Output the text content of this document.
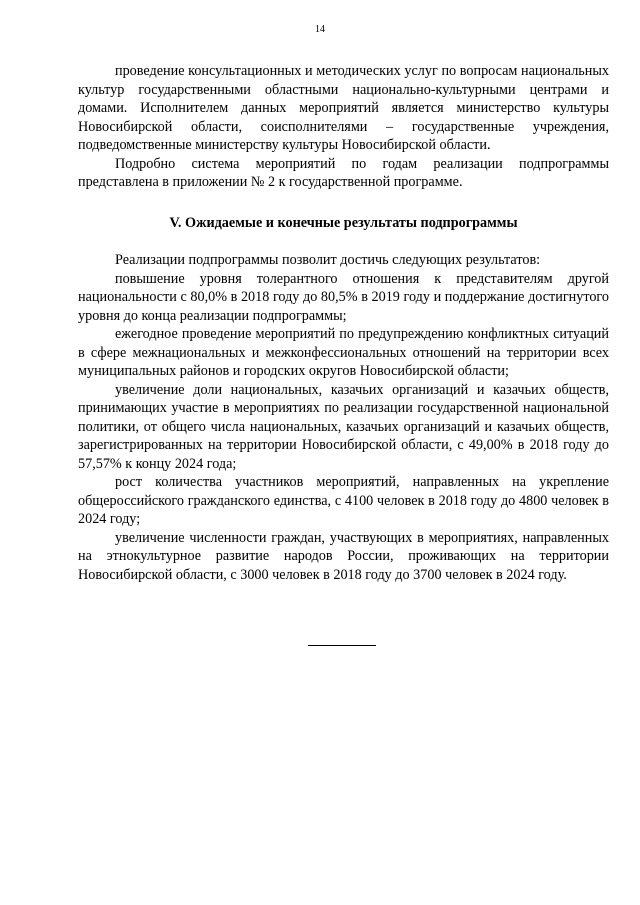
14

проведение консультационных и методических услуг по вопросам национальных культур государственными областными национально-культурными центрами и домами. Исполнителем данных мероприятий является министерство культуры Новосибирской области, соисполнителями – государственные учреждения, подведомственные министерству культуры Новосибирской области.

Подробно система мероприятий по годам реализации подпрограммы представлена в приложении № 2 к государственной программе.

V. Ожидаемые и конечные результаты подпрограммы

Реализации подпрограммы позволит достичь следующих результатов:

повышение уровня толерантного отношения к представителям другой национальности с 80,0% в 2018 году до 80,5% в 2019 году и поддержание достигнутого уровня до конца реализации подпрограммы;

ежегодное проведение мероприятий по предупреждению конфликтных ситуаций в сфере межнациональных и межконфессиональных отношений на территории всех муниципальных районов и городских округов Новосибирской области;

увеличение доли национальных, казачьих организаций и казачьих обществ, принимающих участие в мероприятиях по реализации государственной национальной политики, от общего числа национальных, казачьих организаций и казачьих обществ, зарегистрированных на территории Новосибирской области, с 49,00% в 2018 году до 57,57% к концу 2024 года;

рост количества участников мероприятий, направленных на укрепление общероссийского гражданского единства, с 4100 человек в 2018 году до 4800 человек в 2024 году;

увеличение численности граждан, участвующих в мероприятиях, направленных на этнокультурное развитие народов России, проживающих на территории Новосибирской области, с 3000 человек в 2018 году до 3700 человек в 2024 году.
